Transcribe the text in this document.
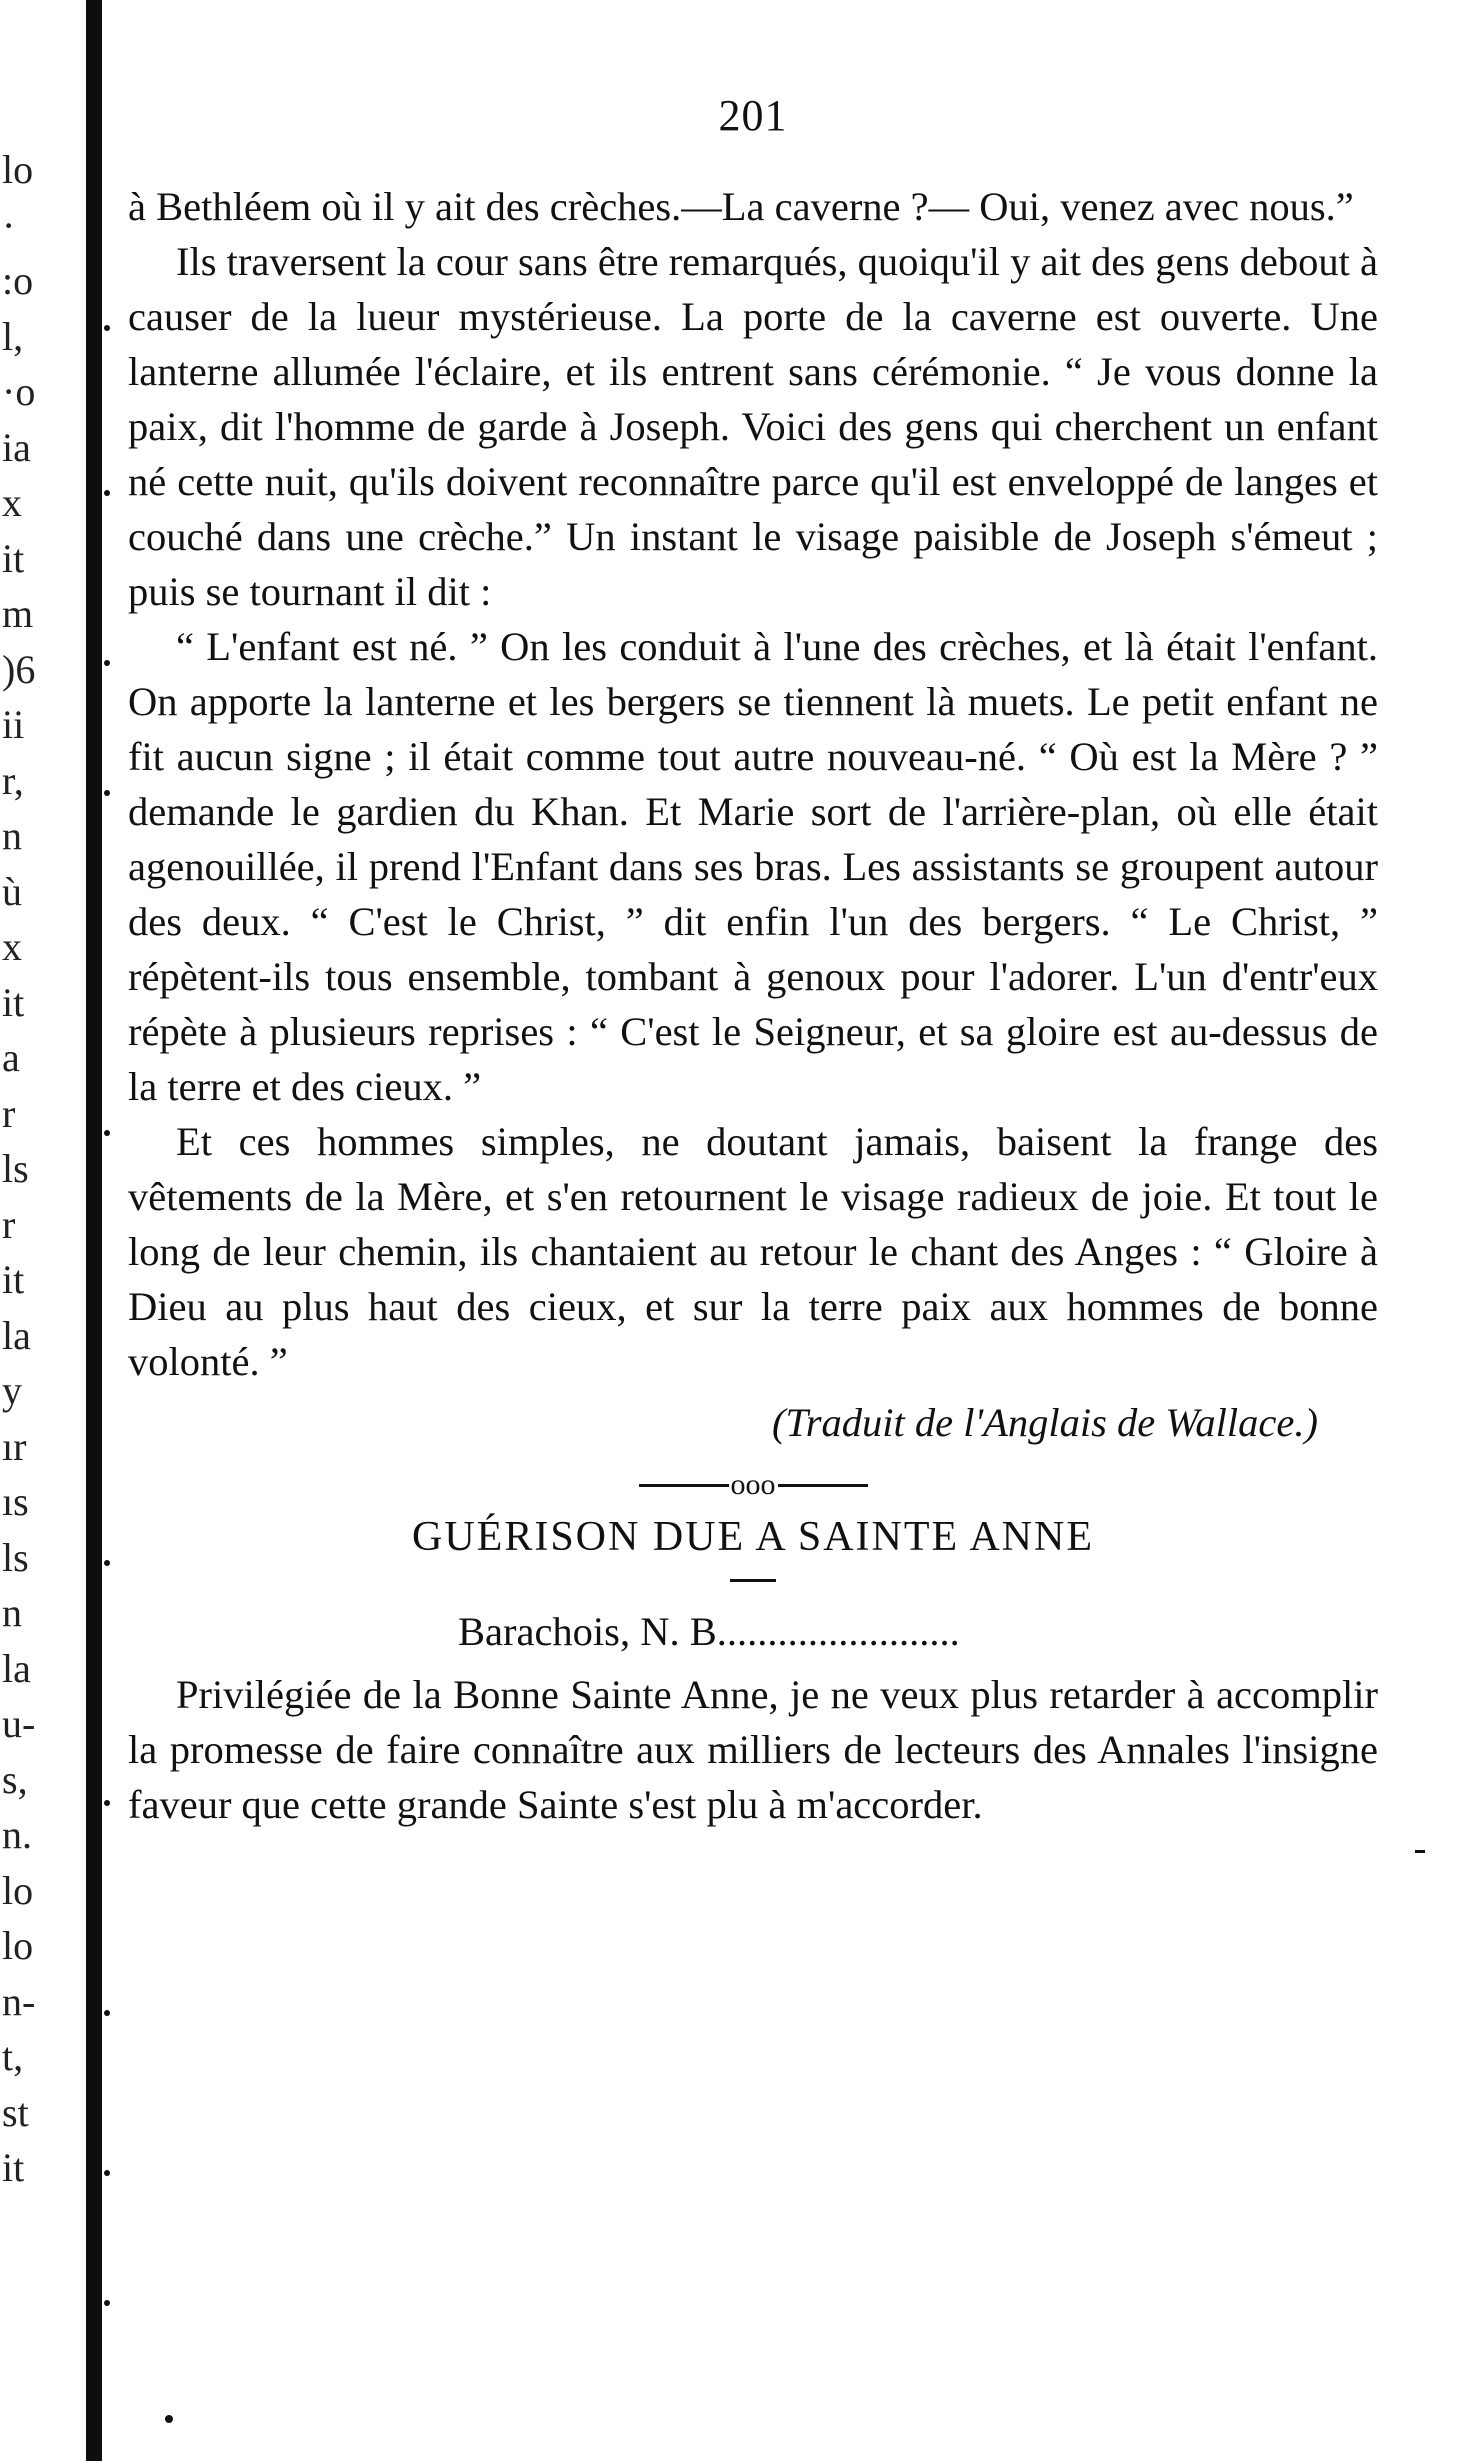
lo
·
:o
l,
·o
ia
x
it
m
)6
ii
r,
n
ù
x
it
a
r
ls
r
it
la
y
ır
ıs
ls
n
la
u-
s,
n.
lo
lo
n-
t,
st
it
201

à Bethléem où il y ait des crèches.—La caverne ?— Oui, venez avec nous.”

Ils traversent la cour sans être remarqués, quoiqu'il y ait des gens debout à causer de la lueur mystérieuse. La porte de la caverne est ouverte. Une lanterne allumée l'éclaire, et ils entrent sans cérémonie. “ Je vous donne la paix, dit l'homme de garde à Joseph. Voici des gens qui cherchent un enfant né cette nuit, qu'ils doivent reconnaître parce qu'il est enveloppé de langes et couché dans une crèche.” Un instant le visage paisible de Joseph s'émeut ; puis se tournant il dit :

“ L'enfant est né. ” On les conduit à l'une des crèches, et là était l'enfant. On apporte la lanterne et les bergers se tiennent là muets. Le petit enfant ne fit aucun signe ; il était comme tout autre nouveau-né. “ Où est la Mère ? ” demande le gardien du Khan. Et Marie sort de l'arrière-plan, où elle était agenouillée, il prend l'Enfant dans ses bras. Les assistants se groupent autour des deux. “ C'est le Christ, ” dit enfin l'un des bergers. “ Le Christ, ” répètent-ils tous ensemble, tombant à genoux pour l'adorer. L'un d'entr'eux répète à plusieurs reprises : “ C'est le Seigneur, et sa gloire est au-dessus de la terre et des cieux. ”

Et ces hommes simples, ne doutant jamais, baisent la frange des vêtements de la Mère, et s'en retournent le visage radieux de joie. Et tout le long de leur chemin, ils chantaient au retour le chant des Anges : “ Gloire à Dieu au plus haut des cieux, et sur la terre paix aux hommes de bonne volonté. ”

(Traduit de l'Anglais de Wallace.)
ooo
GUÉRISON DUE A SAINTE ANNE
Barachois, N. B........................

Privilégiée de la Bonne Sainte Anne, je ne veux plus retarder à accomplir la promesse de faire connaître aux milliers de lecteurs des Annales l'insigne faveur que cette grande Sainte s'est plu à m'accorder.
